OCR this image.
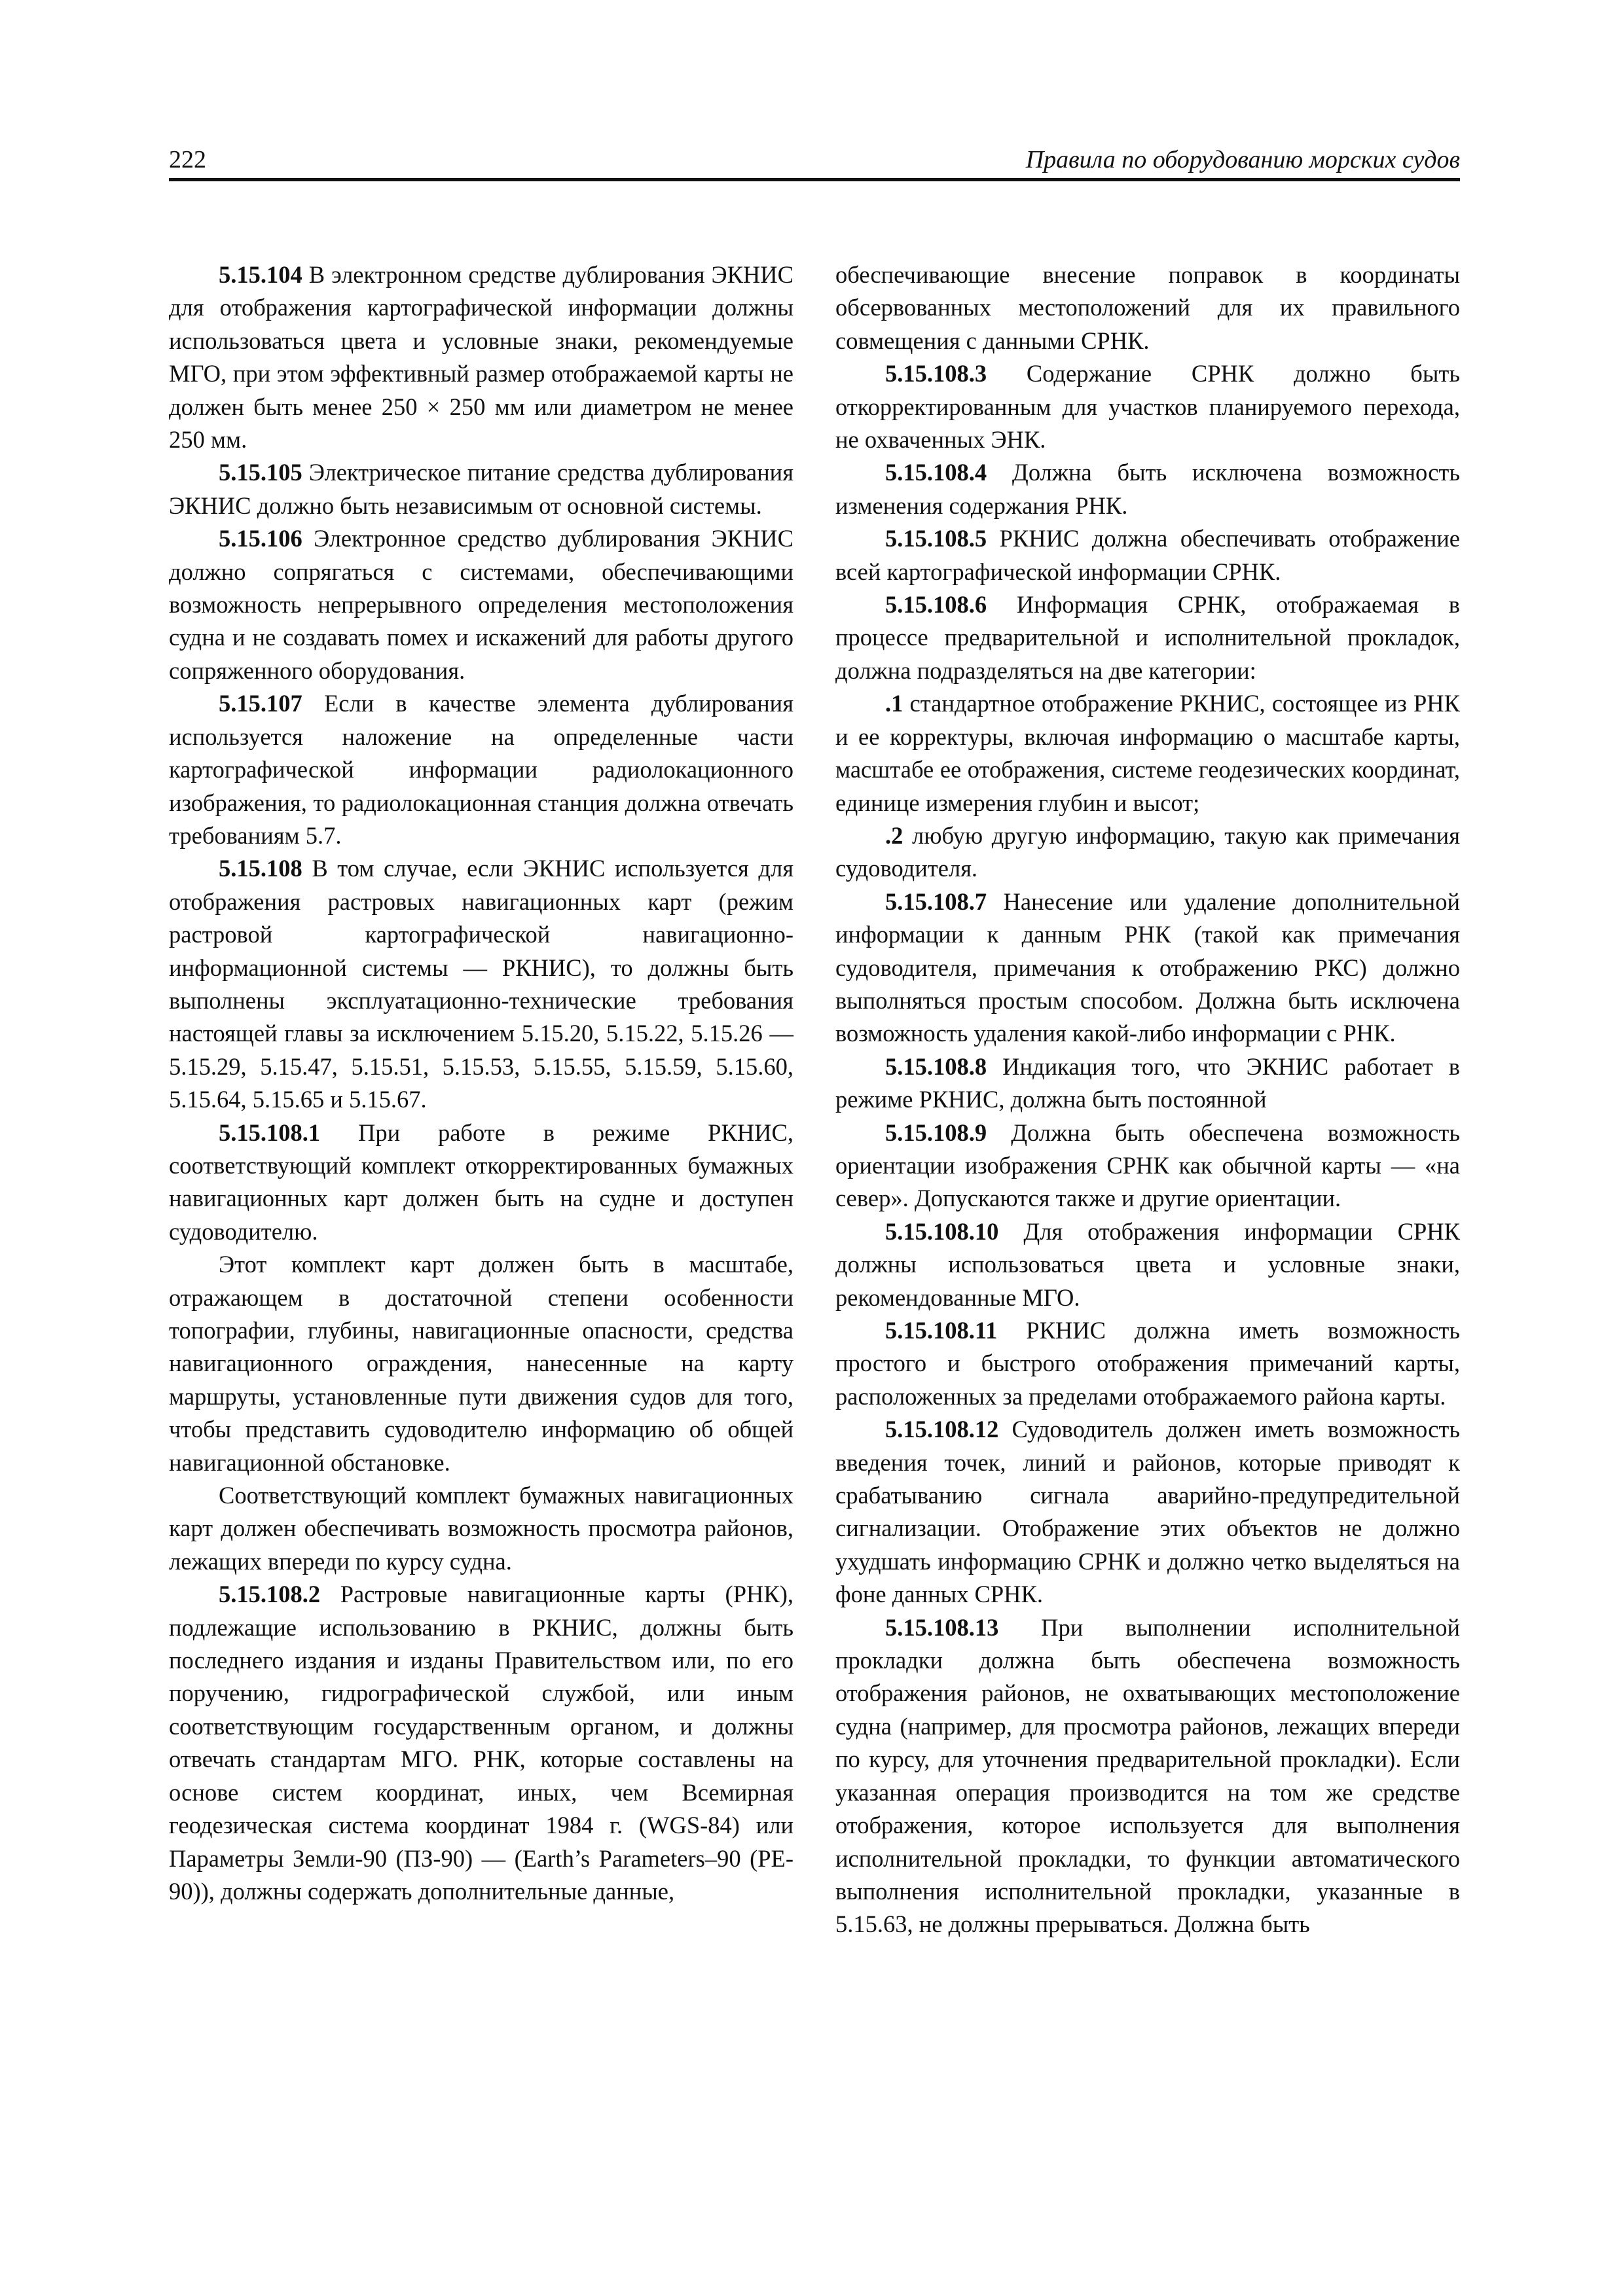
222	Правила по оборудованию морских судов

5.15.104 В электронном средстве дублирования ЭКНИС для отображения картографической информации должны использоваться цвета и условные знаки, рекомендуемые МГО, при этом эффективный размер отображаемой карты не должен быть менее 250 × 250 мм или диаметром не менее 250 мм.

5.15.105 Электрическое питание средства дублирования ЭКНИС должно быть независимым от основной системы.

5.15.106 Электронное средство дублирования ЭКНИС должно сопрягаться с системами, обеспечивающими возможность непрерывного определения местоположения судна и не создавать помех и искажений для работы другого сопряженного оборудования.

5.15.107 Если в качестве элемента дублирования используется наложение на определенные части картографической информации радиолокационного изображения, то радиолокационная станция должна отвечать требованиям 5.7.

5.15.108 В том случае, если ЭКНИС используется для отображения растровых навигационных карт (режим растровой картографической навигационно-информационной системы — РКНИС), то должны быть выполнены эксплуатационно-технические требования настоящей главы за исключением 5.15.20, 5.15.22, 5.15.26 — 5.15.29, 5.15.47, 5.15.51, 5.15.53, 5.15.55, 5.15.59, 5.15.60, 5.15.64, 5.15.65 и 5.15.67.

5.15.108.1 При работе в режиме РКНИС, соответствующий комплект откорректированных бумажных навигационных карт должен быть на судне и доступен судоводителю.

Этот комплект карт должен быть в масштабе, отражающем в достаточной степени особенности топографии, глубины, навигационные опасности, средства навигационного ограждения, нанесенные на карту маршруты, установленные пути движения судов для того, чтобы представить судоводителю информацию об общей навигационной обстановке.

Соответствующий комплект бумажных навигационных карт должен обеспечивать возможность просмотра районов, лежащих впереди по курсу судна.

5.15.108.2 Растровые навигационные карты (РНК), подлежащие использованию в РКНИС, должны быть последнего издания и изданы Правительством или, по его поручению, гидрографической службой, или иным соответствующим государственным органом, и должны отвечать стандартам МГО. РНК, которые составлены на основе систем координат, иных, чем Всемирная геодезическая система координат 1984 г. (WGS-84) или Параметры Земли-90 (ПЗ-90) — (Earth’s Parameters–90 (PE-90)), должны содержать дополнительные данные,

обеспечивающие внесение поправок в координаты обсервованных местоположений для их правильного совмещения с данными СРНК.

5.15.108.3 Содержание СРНК должно быть откорректированным для участков планируемого перехода, не охваченных ЭНК.

5.15.108.4 Должна быть исключена возможность изменения содержания РНК.

5.15.108.5 РКНИС должна обеспечивать отображение всей картографической информации СРНК.

5.15.108.6 Информация СРНК, отображаемая в процессе предварительной и исполнительной прокладок, должна подразделяться на две категории:

.1 стандартное отображение РКНИС, состоящее из РНК и ее корректуры, включая информацию о масштабе карты, масштабе ее отображения, системе геодезических координат, единице измерения глубин и высот;

.2 любую другую информацию, такую как примечания судоводителя.

5.15.108.7 Нанесение или удаление дополнительной информации к данным РНК (такой как примечания судоводителя, примечания к отображению РКС) должно выполняться простым способом. Должна быть исключена возможность удаления какой-либо информации с РНК.

5.15.108.8 Индикация того, что ЭКНИС работает в режиме РКНИС, должна быть постоянной

5.15.108.9 Должна быть обеспечена возможность ориентации изображения СРНК как обычной карты — «на север». Допускаются также и другие ориентации.

5.15.108.10 Для отображения информации СРНК должны использоваться цвета и условные знаки, рекомендованные МГО.

5.15.108.11 РКНИС должна иметь возможность простого и быстрого отображения примечаний карты, расположенных за пределами отображаемого района карты.

5.15.108.12 Судоводитель должен иметь возможность введения точек, линий и районов, которые приводят к срабатыванию сигнала аварийно-предупредительной сигнализации. Отображение этих объектов не должно ухудшать информацию СРНК и должно четко выделяться на фоне данных СРНК.

5.15.108.13 При выполнении исполнительной прокладки должна быть обеспечена возможность отображения районов, не охватывающих местоположение судна (например, для просмотра районов, лежащих впереди по курсу, для уточнения предварительной прокладки). Если указанная операция производится на том же средстве отображения, которое используется для выполнения исполнительной прокладки, то функции автоматического выполнения исполнительной прокладки, указанные в 5.15.63, не должны прерываться. Должна быть
